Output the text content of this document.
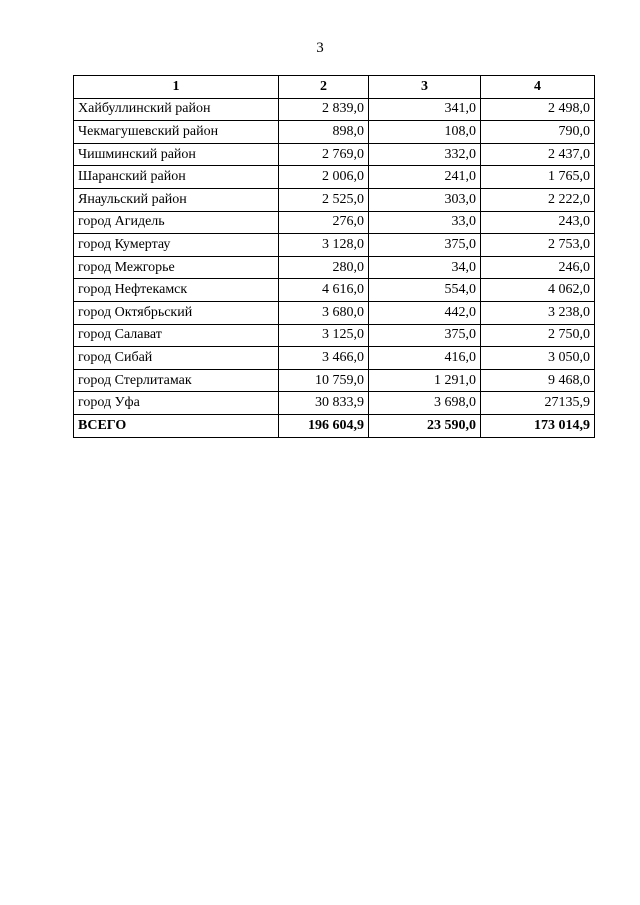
3
1	2	3	4
Хайбуллинский район	2 839,0	341,0	2 498,0
Чекмагушевский район	898,0	108,0	790,0
Чишминский район	2 769,0	332,0	2 437,0
Шаранский район	2 006,0	241,0	1 765,0
Янаульский район	2 525,0	303,0	2 222,0
город Агидель	276,0	33,0	243,0
город Кумертау	3 128,0	375,0	2 753,0
город Межгорье	280,0	34,0	246,0
город Нефтекамск	4 616,0	554,0	4 062,0
город Октябрьский	3 680,0	442,0	3 238,0
город Салават	3 125,0	375,0	2 750,0
город Сибай	3 466,0	416,0	3 050,0
город Стерлитамак	10 759,0	1 291,0	9 468,0
город Уфа	30 833,9	3 698,0	27135,9
ВСЕГО	196 604,9	23 590,0	173 014,9
